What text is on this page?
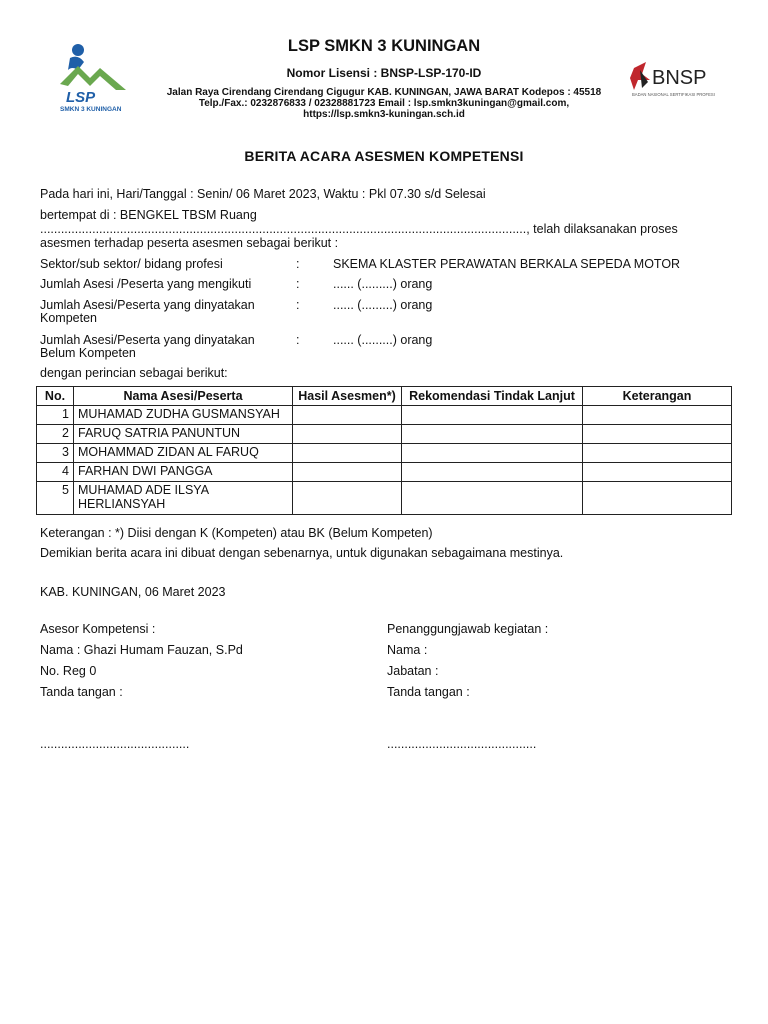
LSP
SMKN 3 KUNINGAN
LSP SMKN 3 KUNINGAN
Nomor Lisensi : BNSP-LSP-170-ID
Jalan Raya Cirendang Cirendang Cigugur KAB. KUNINGAN, JAWA BARAT Kodepos : 45518
Telp./Fax.: 0232876833 / 02328881723 Email : lsp.smkn3kuningan@gmail.com,
https://lsp.smkn3-kuningan.sch.id
BNSP
BADAN NASIONAL SERTIFIKASI PROFESI
BERITA ACARA ASESMEN KOMPETENSI
Pada hari ini, Hari/Tanggal : Senin/ 06 Maret 2023, Waktu : Pkl 07.30 s/d Selesai
bertempat di : BENGKEL TBSM Ruang
............................................................................................................................................, telah dilaksanakan proses
asesmen terhadap peserta asesmen sebagai berikut :
Sektor/sub sektor/ bidang profesi	:	SKEMA KLASTER PERAWATAN BERKALA SEPEDA MOTOR
Jumlah Asesi /Peserta yang mengikuti	:	...... (.........) orang
Jumlah Asesi/Peserta yang dinyatakan
Kompeten
:	...... (.........) orang
Jumlah Asesi/Peserta yang dinyatakan
Belum Kompeten
:	...... (.........) orang
dengan perincian sebagai berikut:
No.	Nama Asesi/Peserta	Hasil Asesmen*)	Rekomendasi Tindak Lanjut	Keterangan
1	MUHAMAD ZUDHA GUSMANSYAH			
2	FARUQ SATRIA PANUNTUN			
3	MOHAMMAD ZIDAN AL FARUQ			
4	FARHAN DWI PANGGA			
5	MUHAMAD ADE ILSYA HERLIANSYAH			
Keterangan : *) Diisi dengan K (Kompeten) atau BK (Belum Kompeten)
Demikian berita acara ini dibuat dengan sebenarnya, untuk digunakan sebagaimana mestinya.
KAB. KUNINGAN, 06 Maret 2023
Asesor Kompetensi :
Nama : Ghazi Humam Fauzan, S.Pd
No. Reg 0
Tanda tangan :
...........................................
Penanggungjawab kegiatan :
Nama :
Jabatan :
Tanda tangan :
...........................................
